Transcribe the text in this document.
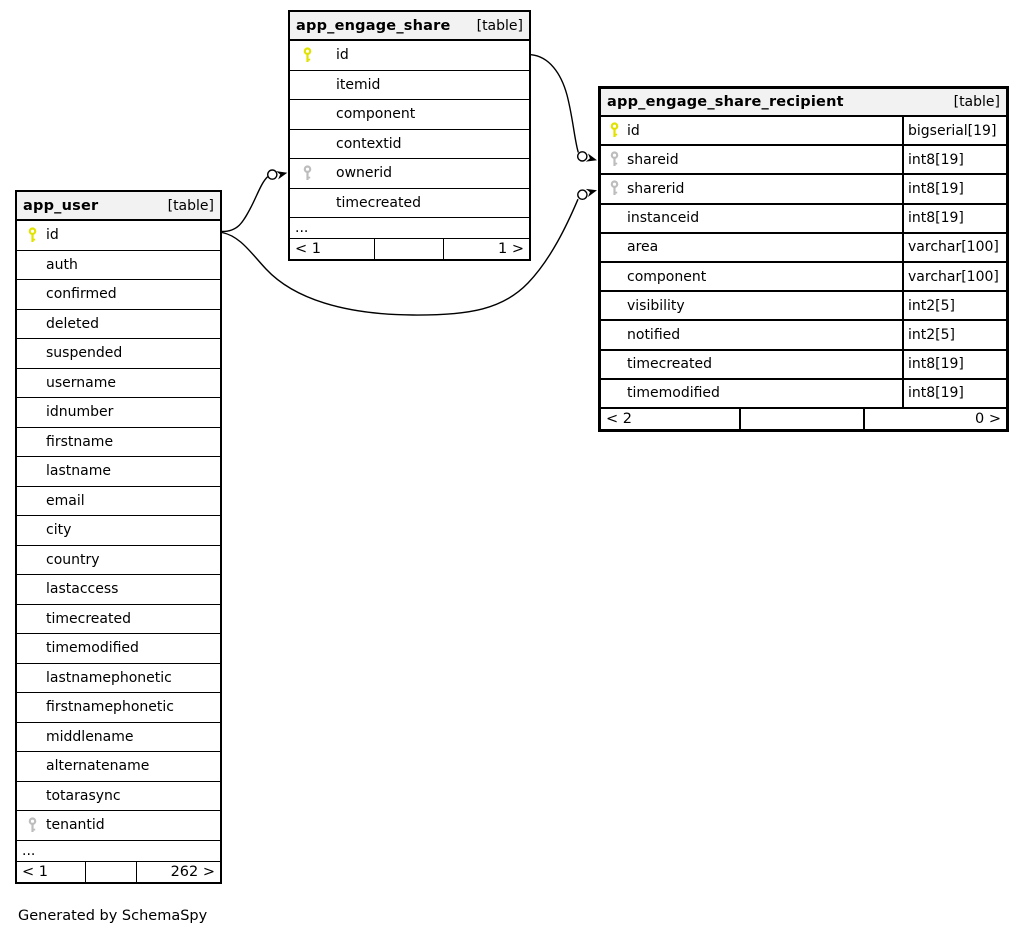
app_user	[table]
id
auth
confirmed
deleted
suspended
username
idnumber
firstname
lastname
email
city
country
lastaccess
timecreated
timemodified
lastnamephonetic
firstnamephonetic
middlename
alternatename
totarasync
tenantid
...
< 1	262 >
app_engage_share [table]
id
itemid
component
contextid
ownerid
timecreated
...
< 1	1 >
app_engage_share_recipient	[table]
id	bigserial[19]
shareid	int8[19]
sharerid	int8[19]
instanceid	int8[19]
area	varchar[100]
component	varchar[100]
visibility	int2[5]
notified	int2[5]
timecreated	int8[19]
timemodified	int8[19]
< 2	0 >
Generated by SchemaSpy
